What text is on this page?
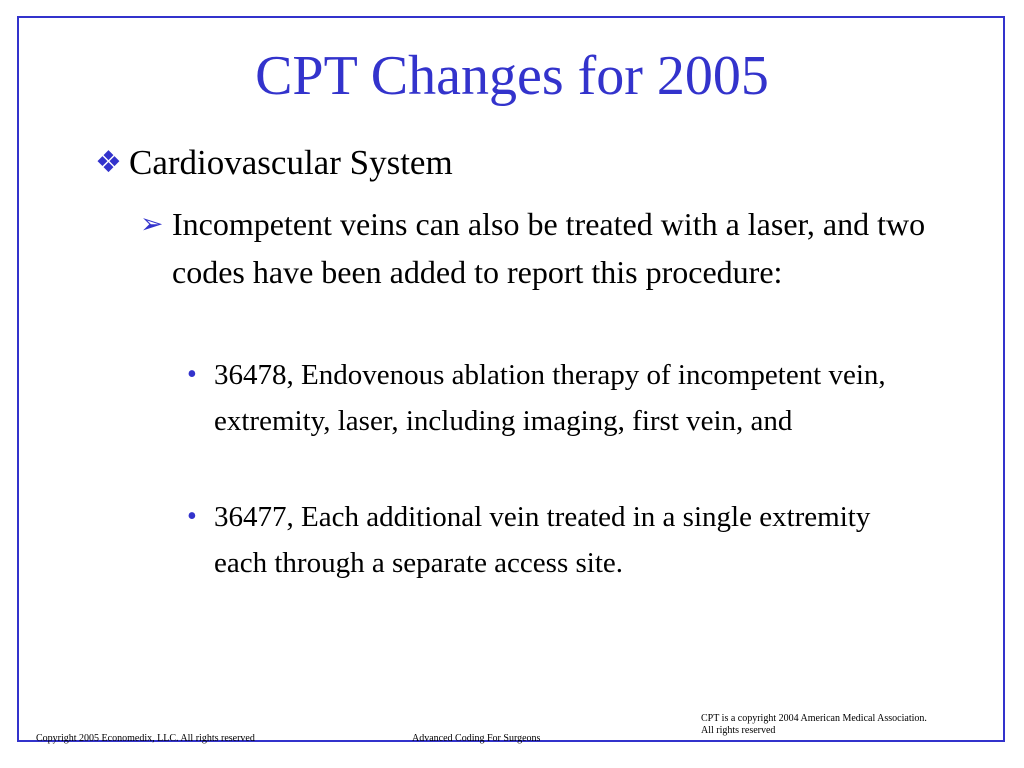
CPT Changes for 2005
❖ Cardiovascular System
➢ Incompetent veins can also be treated with a laser, and two codes have been added to report this procedure:
• 36478, Endovenous ablation therapy of incompetent vein, extremity, laser, including imaging, first vein, and
• 36477, Each additional vein treated in a single extremity each through a separate access site.
Copyright 2005 Economedix, LLC. All rights reserved	Advanced Coding For Surgeons
CPT is a copyright 2004 American Medical Association.
All rights reserved
